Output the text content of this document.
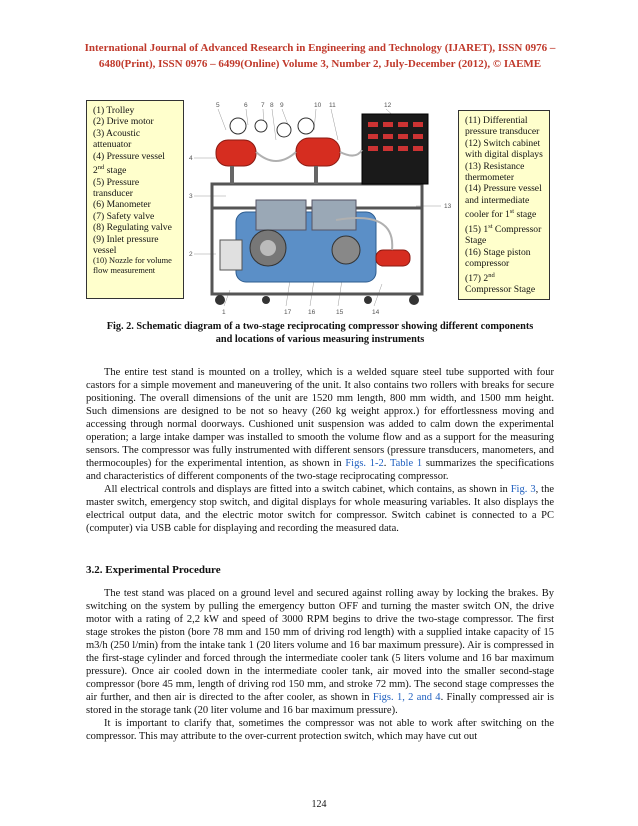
International Journal of Advanced Research in Engineering and Technology (IJARET), ISSN 0976 –
6480(Print), ISSN 0976 – 6499(Online) Volume 3, Number 2, July-December (2012), © IAEME
(1) Trolley
(2) Drive motor
(3) Acoustic attenuator
(4) Pressure vessel 2nd stage
(5) Pressure transducer
(6) Manometer
(7) Safety valve
(8) Regulating valve
(9) Inlet pressure vessel
(10) Nozzle for volume flow measurement
5	6 7 8 9	10 11	12
4
3
2
13
1	17	16	15	14
(11) Differential pressure transducer
(12) Switch cabinet with digital displays
(13) Resistance thermometer
(14) Pressure vessel and intermediate cooler for 1st stage
(15) 1st Compressor Stage
(16) Stage piston compressor
(17) 2nd
Compressor Stage
Fig. 2. Schematic diagram of a two-stage reciprocating compressor showing different components
and locations of various measuring instruments

The entire test stand is mounted on a trolley, which is a welded square steel tube supported with four castors for a simple movement and maneuvering of the unit. It also contains two rollers with breaks for secure positioning. The overall dimensions of the unit are 1520 mm length, 800 mm width, and 1500 mm height. Such dimensions are designed to be not so heavy (260 kg weight approx.) for effortlessness moving and accessing through normal doorways. Cushioned unit suspension was added to calm down the experimental operation; a large intake damper was installed to smooth the volume flow and as a support for the measuring sensors. The compressor was fully instrumented with different sensors (pressure transducers, manometers, and thermocouples) for the experimental intention, as shown in Figs. 1-2. Table 1 summarizes the specifications and characteristics of different components of the two-stage reciprocating compressor.

All electrical controls and displays are fitted into a switch cabinet, which contains, as shown in Fig. 3, the master switch, emergency stop switch, and digital displays for whole measuring variables. It also displays the electrical output data, and the electric motor switch for compressor. Switch cabinet is connected to a PC (computer) via USB cable for displaying and recording the measured data.

3.2. Experimental Procedure

The test stand was placed on a ground level and secured against rolling away by locking the brakes. By switching on the system by pulling the emergency button OFF and turning the master switch ON, the drive motor with a rating of 2,2 kW and speed of 3000 RPM begins to drive the two-stage compressor. The first stage strokes the piston (bore 78 mm and 150 mm of driving rod length) with a supplied intake capacity of 15 m3/h (250 l/min) from the intake tank 1 (20 liters volume and 16 bar maximum pressure). Air is compressed in the first-stage cylinder and forced through the intermediate cooler tank (5 liters volume and 16 bar maximum pressure). Once air cooled down in the intermediate cooler tank, air moved into the smaller second-stage compressor (bore 45 mm, length of driving rod 150 mm, and stroke 72 mm). The second stage compresses the air further, and then air is directed to the after cooler, as shown in Figs. 1, 2 and 4. Finally compressed air is stored in the storage tank (20 liter volume and 16 bar maximum pressure).

It is important to clarify that, sometimes the compressor was not able to work after switching on the compressor. This may attribute to the over-current protection switch, which may have cut out

124
